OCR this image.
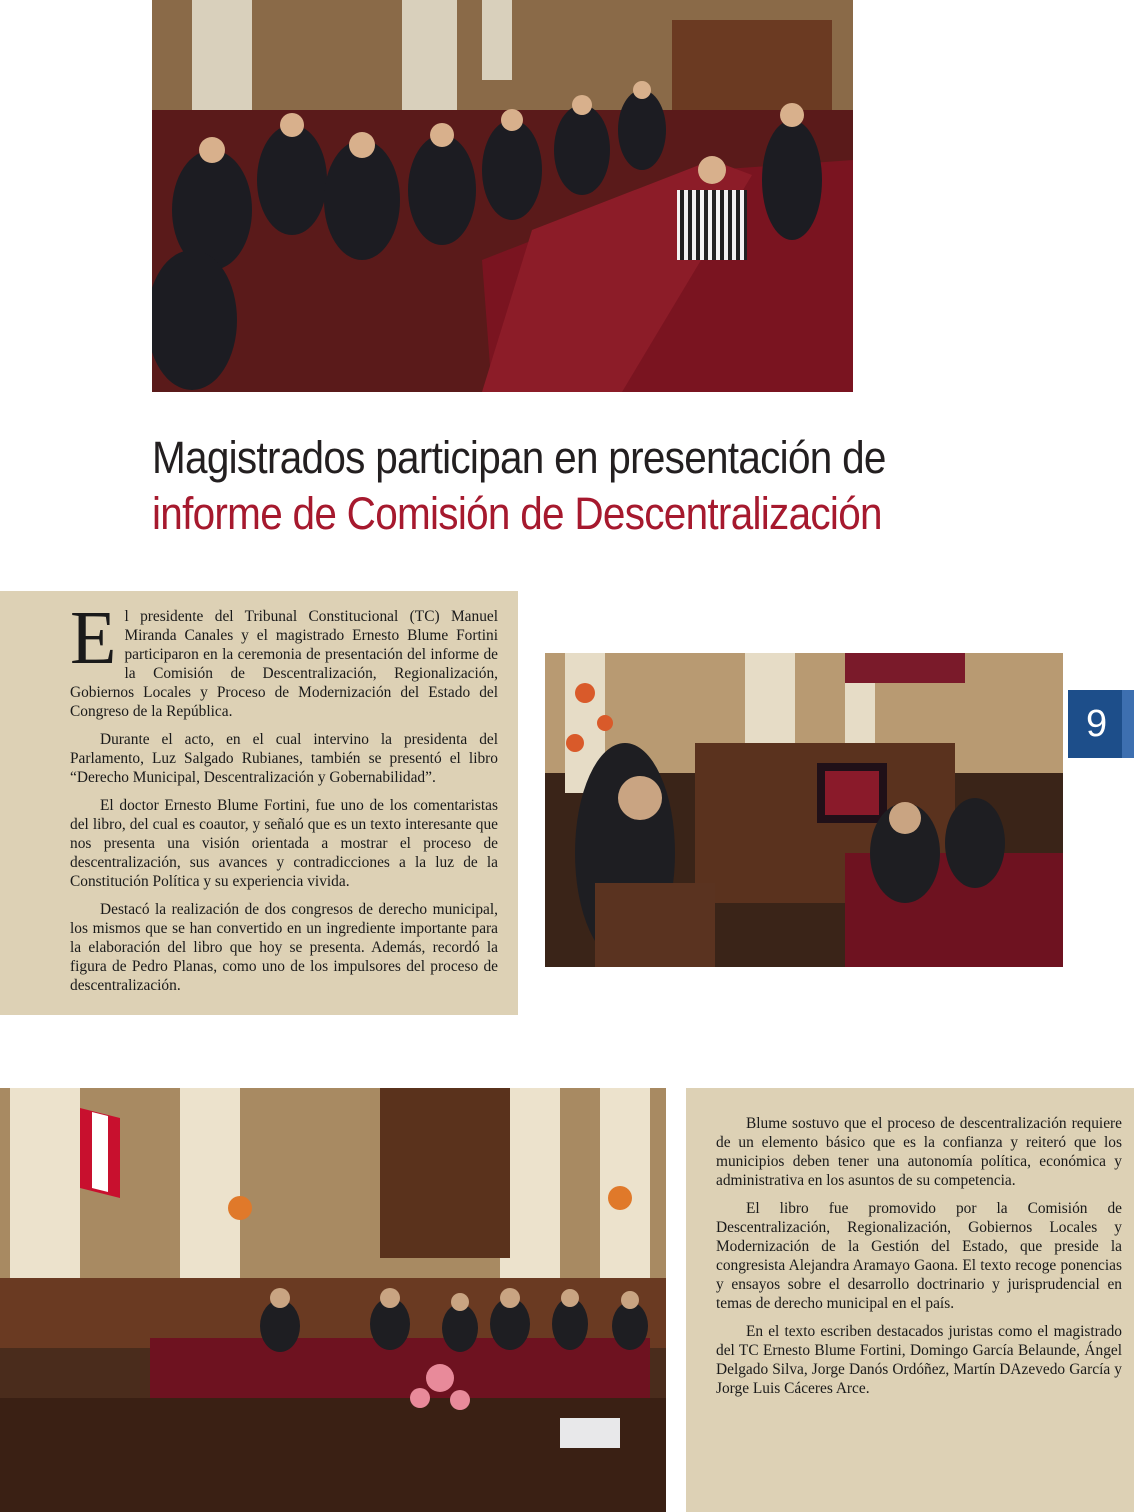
Magistrados participan en presentación de
informe de Comisión de Descentralización

El presidente del Tribunal Constitucional (TC) Manuel Miranda Canales y el magistrado Ernesto Blume Fortini participaron en la ceremonia de presentación del informe de la Comisión de Descentralización, Regionalización, Gobiernos Locales y Proceso de Modernización del Estado del Congreso de la República.

Durante el acto, en el cual intervino la presidenta del Parlamento, Luz Salgado Rubianes, también se presentó el libro “Derecho Municipal, Descentralización y Gobernabilidad”.

El doctor Ernesto Blume Fortini, fue uno de los comentaristas del libro, del cual es coautor, y señaló que es un texto interesante que nos presenta una visión orientada a mostrar el proceso de descentralización, sus avances y contradicciones a la luz de la Constitución Política y su experiencia vivida.

Destacó la realización de dos congresos de derecho municipal, los mismos que se han convertido en un ingrediente importante para la elaboración del libro que hoy se presenta. Además, recordó la figura de Pedro Planas, como uno de los impulsores del proceso de descentralización.

9

Blume sostuvo que el proceso de descentralización requiere de un elemento básico que es la confianza y reiteró que los municipios deben tener una autonomía política, económica y administrativa en los asuntos de su competencia.

El libro fue promovido por la Comisión de Descentralización, Regionalización, Gobiernos Locales y Modernización de la Gestión del Estado, que preside la congresista Alejandra Aramayo Gaona. El texto recoge ponencias y ensayos sobre el desarrollo doctrinario y jurisprudencial en temas de derecho municipal en el país.

En el texto escriben destacados juristas como el magistrado del TC Ernesto Blume Fortini, Domingo García Belaunde, Ángel Delgado Silva, Jorge Danós Ordóñez, Martín DAzevedo García y Jorge Luis Cáceres Arce.
